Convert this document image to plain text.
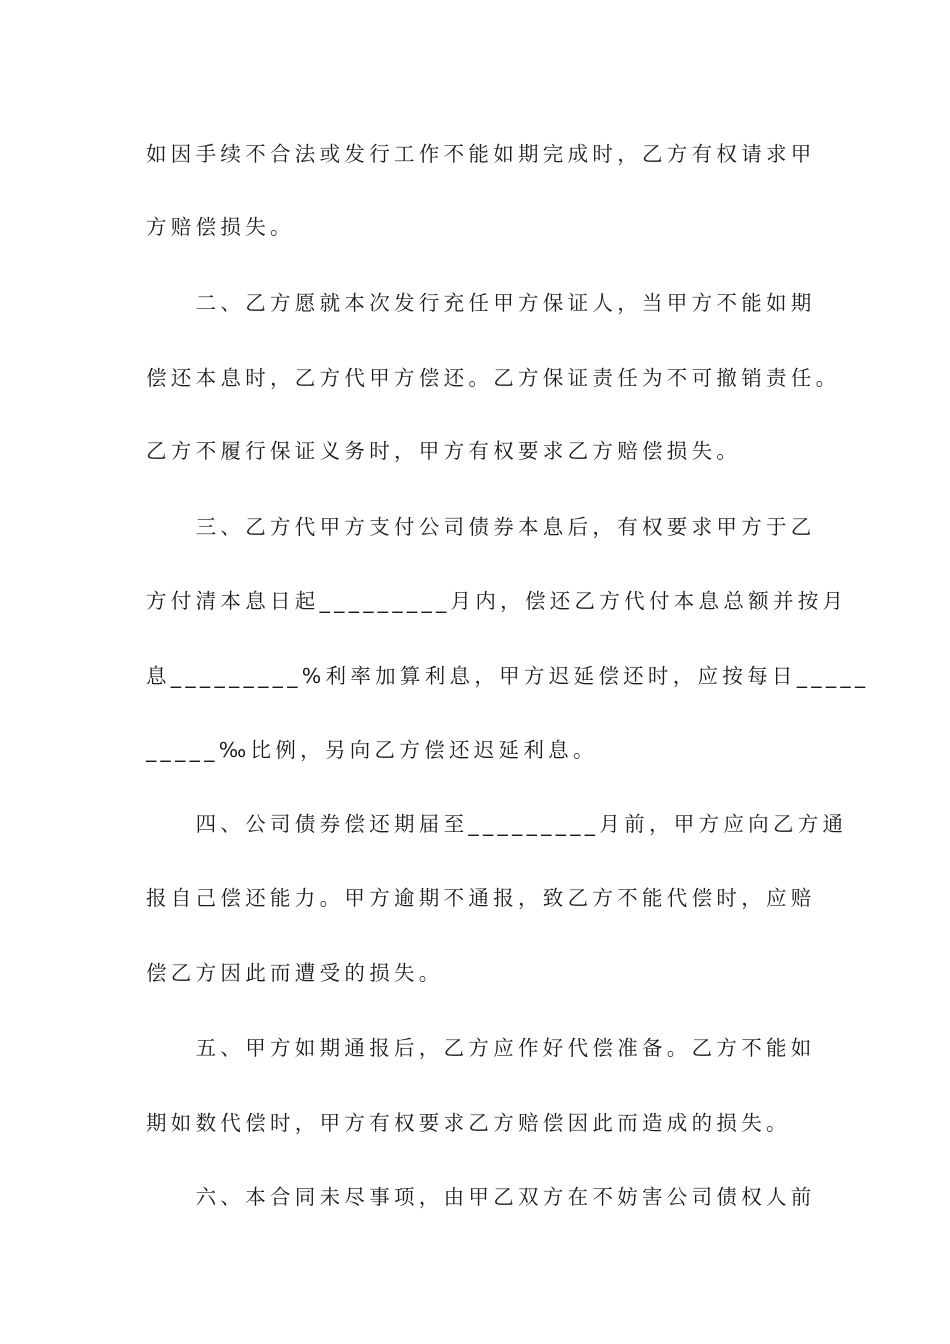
如因手续不合法或发行工作不能如期完成时，乙方有权请求甲
方赔偿损失。
　　二、乙方愿就本次发行充任甲方保证人，当甲方不能如期
偿还本息时，乙方代甲方偿还。乙方保证责任为不可撤销责任。
乙方不履行保证义务时，甲方有权要求乙方赔偿损失。
　　三、乙方代甲方支付公司债券本息后，有权要求甲方于乙
方付清本息日起_________月内，偿还乙方代付本息总额并按月
息_________%利率加算利息，甲方迟延偿还时，应按每日_____
_____‰比例，另向乙方偿还迟延利息。
　　四、公司债券偿还期届至_________月前，甲方应向乙方通
报自己偿还能力。甲方逾期不通报，致乙方不能代偿时，应赔
偿乙方因此而遭受的损失。
　　五、甲方如期通报后，乙方应作好代偿准备。乙方不能如
期如数代偿时，甲方有权要求乙方赔偿因此而造成的损失。
　　六、本合同未尽事项，由甲乙双方在不妨害公司债权人前
